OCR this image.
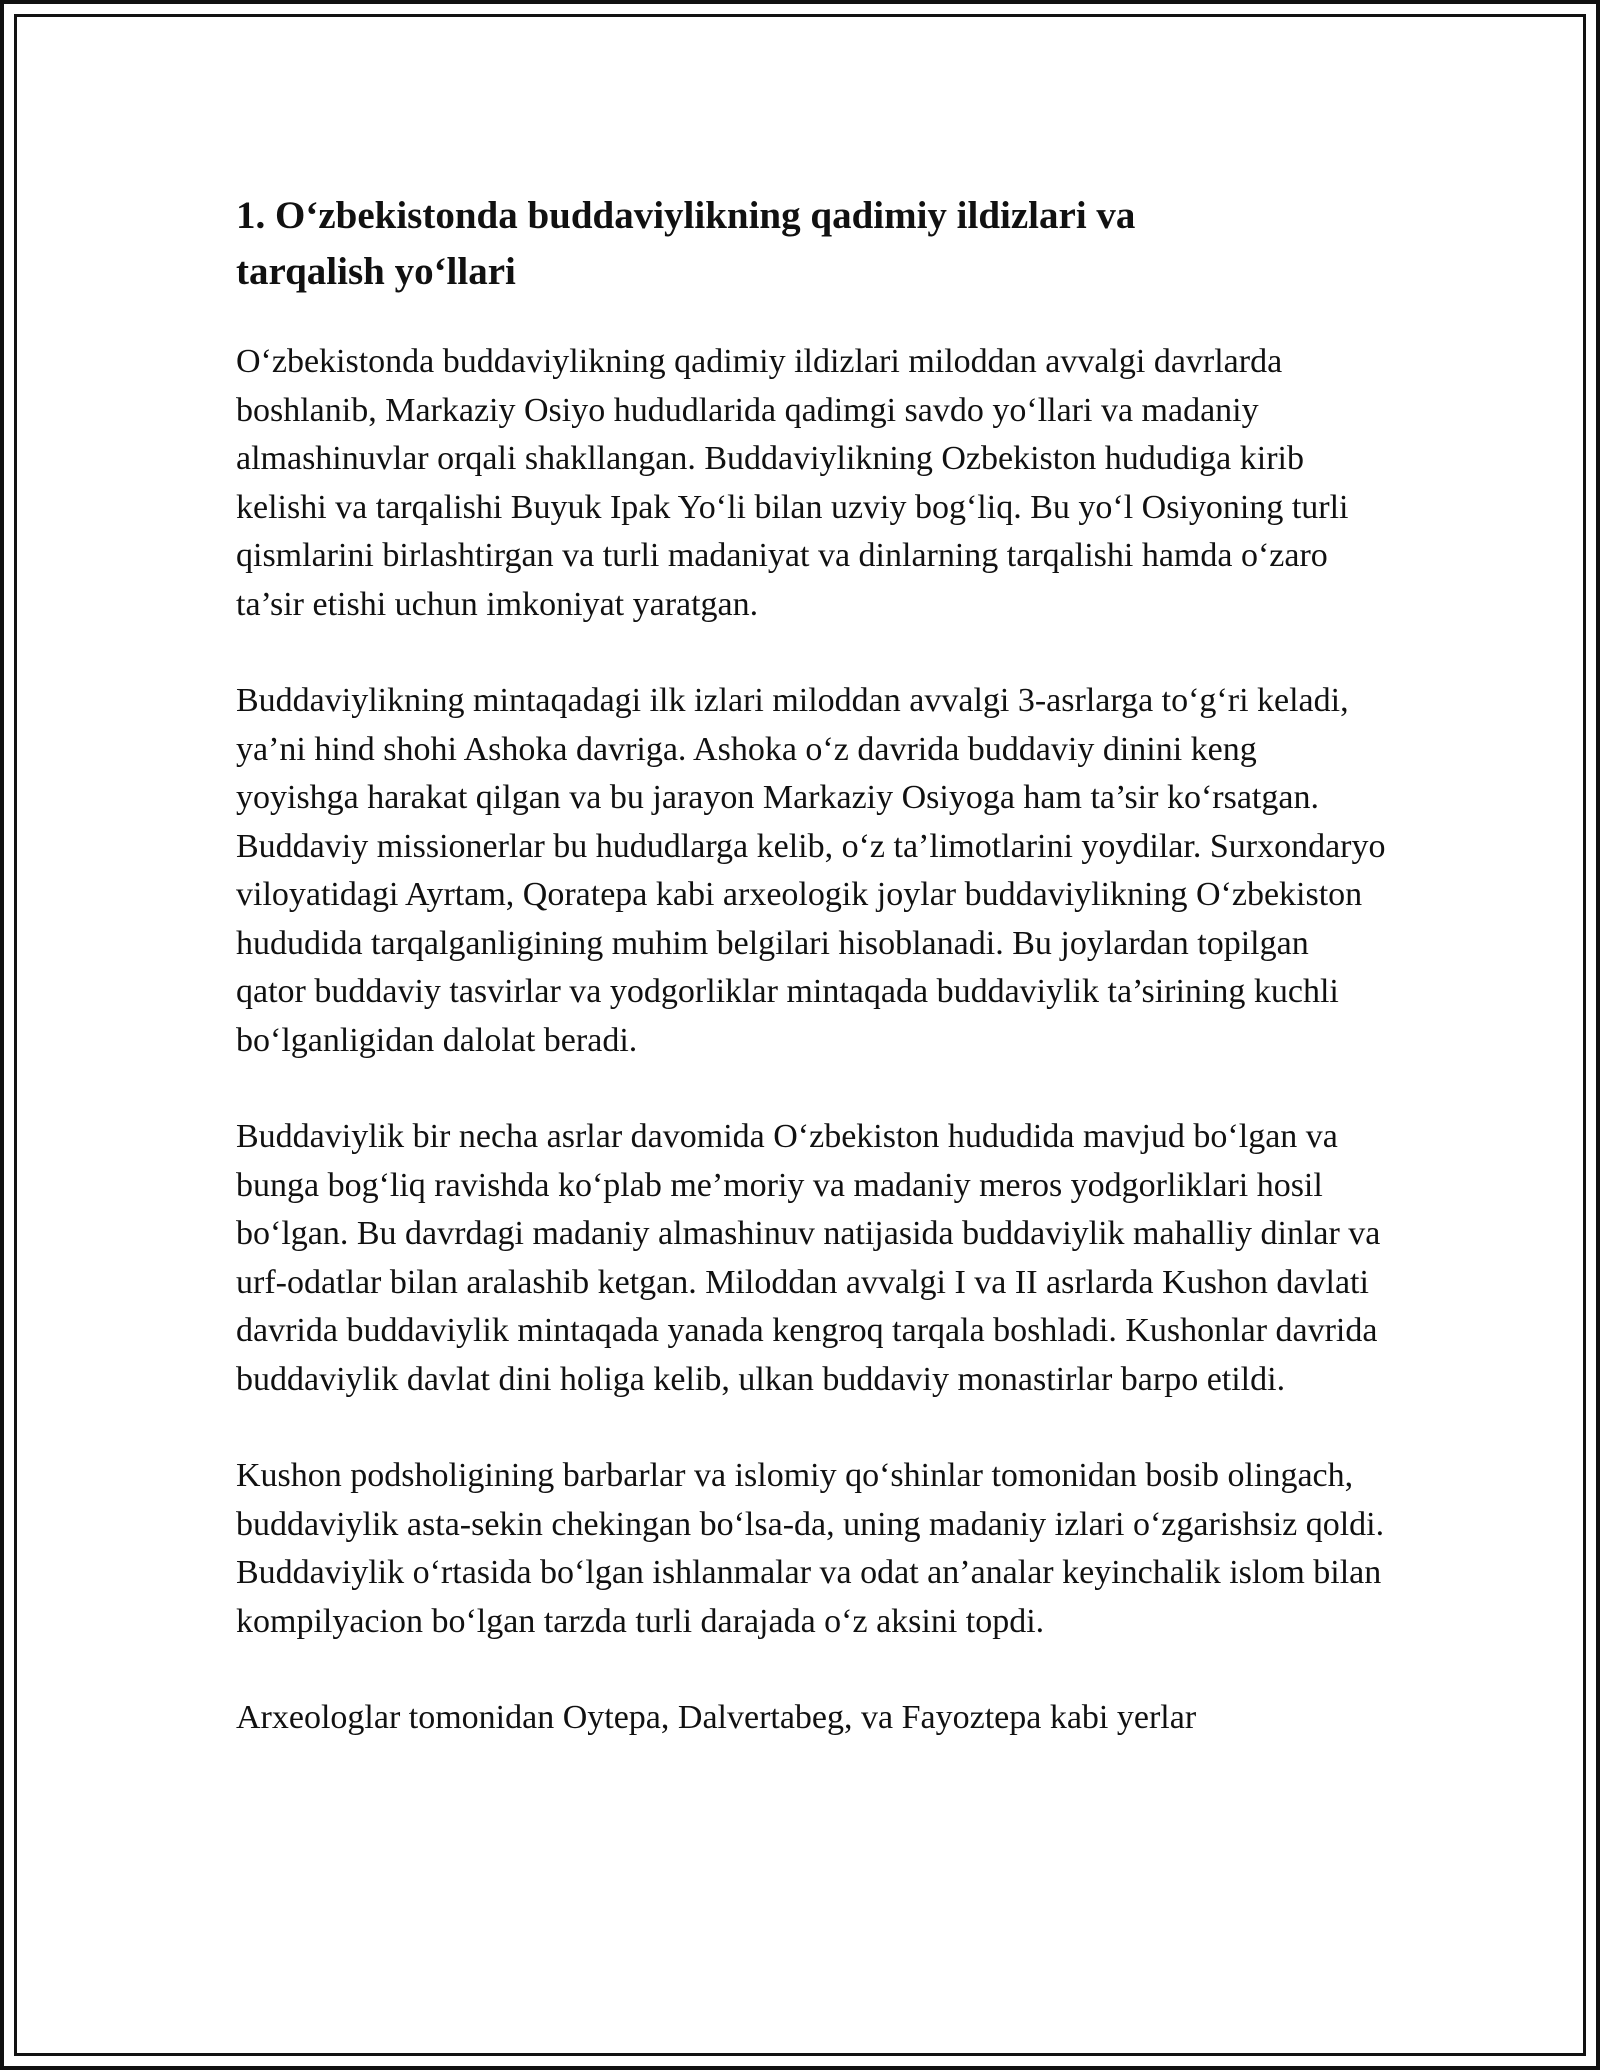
1. O‘zbekistonda buddaviylikning qadimiy ildizlari va tarqalish yo‘llari

O‘zbekistonda buddaviylikning qadimiy ildizlari miloddan avvalgi davrlarda boshlanib, Markaziy Osiyo hududlarida qadimgi savdo yo‘llari va madaniy almashinuvlar orqali shakllangan. Buddaviylikning Ozbekiston hududiga kirib kelishi va tarqalishi Buyuk Ipak Yo‘li bilan uzviy bog‘liq. Bu yo‘l Osiyoning turli qismlarini birlashtirgan va turli madaniyat va dinlarning tarqalishi hamda o‘zaro ta’sir etishi uchun imkoniyat yaratgan.

Buddaviylikning mintaqadagi ilk izlari miloddan avvalgi 3-asrlarga to‘g‘ri keladi, ya’ni hind shohi Ashoka davriga. Ashoka o‘z davrida buddaviy dinini keng yoyishga harakat qilgan va bu jarayon Markaziy Osiyoga ham ta’sir ko‘rsatgan. Buddaviy missionerlar bu hududlarga kelib, o‘z ta’limotlarini yoydilar. Surxondaryo viloyatidagi Ayrtam, Qoratepa kabi arxeologik joylar buddaviylikning O‘zbekiston hududida tarqalganligining muhim belgilari hisoblanadi. Bu joylardan topilgan qator buddaviy tasvirlar va yodgorliklar mintaqada buddaviylik ta’sirining kuchli bo‘lganligidan dalolat beradi.

Buddaviylik bir necha asrlar davomida O‘zbekiston hududida mavjud bo‘lgan va bunga bog‘liq ravishda ko‘plab me’moriy va madaniy meros yodgorliklari hosil bo‘lgan. Bu davrdagi madaniy almashinuv natijasida buddaviylik mahalliy dinlar va urf-odatlar bilan aralashib ketgan. Miloddan avvalgi I va II asrlarda Kushon davlati davrida buddaviylik mintaqada yanada kengroq tarqala boshladi. Kushonlar davrida buddaviylik davlat dini holiga kelib, ulkan buddaviy monastirlar barpo etildi.

Kushon podsholigining barbarlar va islomiy qo‘shinlar tomonidan bosib olingach, buddaviylik asta-sekin chekingan bo‘lsa-da, uning madaniy izlari o‘zgarishsiz qoldi. Buddaviylik o‘rtasida bo‘lgan ishlanmalar va odat an’analar keyinchalik islom bilan kompilyacion bo‘lgan tarzda turli darajada o‘z aksini topdi.

Arxeologlar tomonidan Oytepa, Dalvertabeg, va Fayoztepa kabi yerlar
